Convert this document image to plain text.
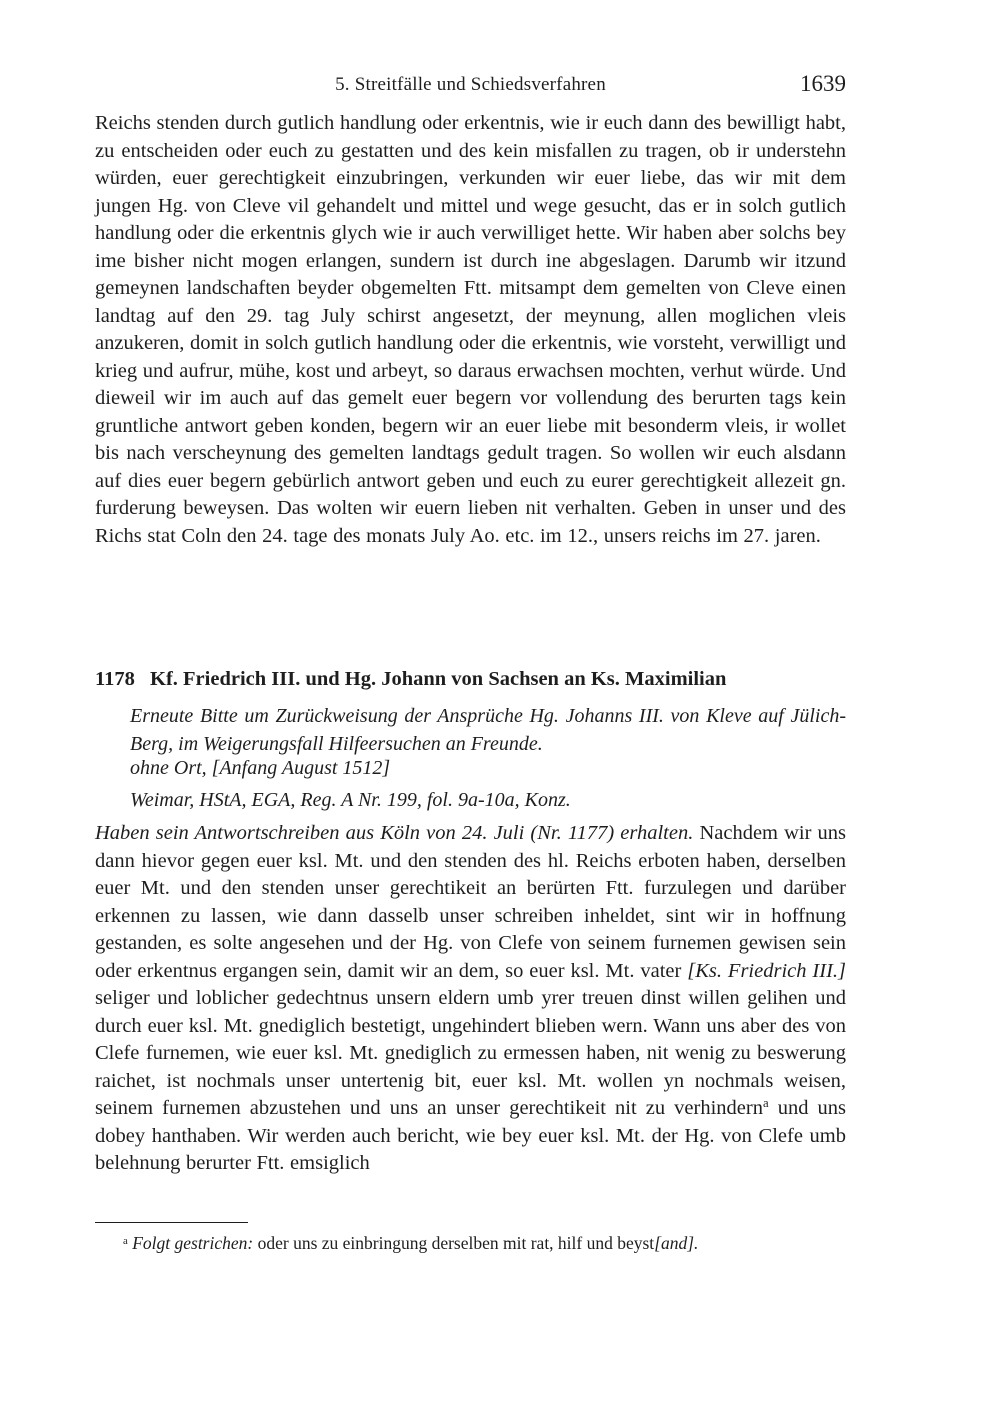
5. Streitfälle und Schiedsverfahren	1639

Reichs stenden durch gutlich handlung oder erkentnis, wie ir euch dann des bewilligt habt, zu entscheiden oder euch zu gestatten und des kein misfallen zu tragen, ob ir understehn würden, euer gerechtigkeit einzubringen, verkunden wir euer liebe, das wir mit dem jungen Hg. von Cleve vil gehandelt und mittel und wege gesucht, das er in solch gutlich handlung oder die erkentnis glych wie ir auch verwilliget hette. Wir haben aber solchs bey ime bisher nicht mogen erlangen, sundern ist durch ine abgeslagen. Darumb wir itzund gemeynen landschaften beyder obgemelten Ftt. mitsampt dem gemelten von Cleve einen landtag auf den 29. tag July schirst angesetzt, der meynung, allen moglichen vleis anzukeren, domit in solch gutlich handlung oder die erkentnis, wie vorsteht, verwilligt und krieg und aufrur, mühe, kost und arbeyt, so daraus erwachsen mochten, verhut würde. Und dieweil wir im auch auf das gemelt euer begern vor vollendung des berurten tags kein gruntliche antwort geben konden, begern wir an euer liebe mit besonderm vleis, ir wollet bis nach verscheynung des gemelten landtags gedult tragen. So wollen wir euch alsdann auf dies euer begern gebürlich antwort geben und euch zu eurer gerechtigkeit allezeit gn. furderung beweysen. Das wolten wir euern lieben nit verhalten. Geben in unser und des Richs stat Coln den 24. tage des monats July Ao. etc. im 12., unsers reichs im 27. jaren.

1178 Kf. Friedrich III. und Hg. Johann von Sachsen an Ks. Maximilian

Erneute Bitte um Zurückweisung der Ansprüche Hg. Johanns III. von Kleve auf Jülich-Berg, im Weigerungsfall Hilfeersuchen an Freunde.

ohne Ort, [Anfang August 1512]

Weimar, HStA, EGA, Reg. A Nr. 199, fol. 9a-10a, Konz.

Haben sein Antwortschreiben aus Köln von 24. Juli (Nr. 1177) erhalten. Nachdem wir uns dann hievor gegen euer ksl. Mt. und den stenden des hl. Reichs erboten haben, derselben euer Mt. und den stenden unser gerechtikeit an berürten Ftt. furzulegen und darüber erkennen zu lassen, wie dann dasselb unser schreiben inheldet, sint wir in hoffnung gestanden, es solte angesehen und der Hg. von Clefe von seinem furnemen gewisen sein oder erkentnus ergangen sein, damit wir an dem, so euer ksl. Mt. vater [Ks. Friedrich III.] seliger und loblicher gedechtnus unsern eldern umb yrer treuen dinst willen gelihen und durch euer ksl. Mt. gnediglich bestetigt, ungehindert blieben wern. Wann uns aber des von Clefe furnemen, wie euer ksl. Mt. gnediglich zu ermessen haben, nit wenig zu beswerung raichet, ist nochmals unser untertenig bit, euer ksl. Mt. wollen yn nochmals weisen, seinem furnemen abzustehen und uns an unser gerechtikeit nit zu verhindern$^a$ und uns dobey hanthaben. Wir werden auch bericht, wie bey euer ksl. Mt. der Hg. von Clefe umb belehnung berurter Ftt. emsiglich

$^a$ Folgt gestrichen: oder uns zu einbringung derselben mit rat, hilf und beyst[and].
